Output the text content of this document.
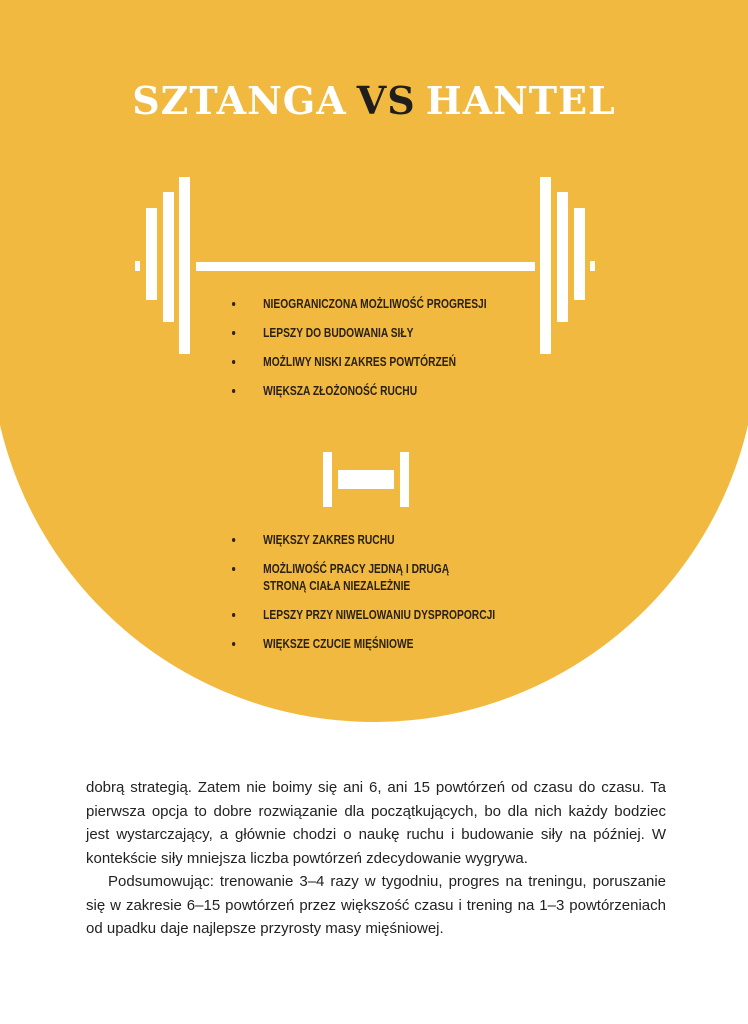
SZTANGA VS HANTEL
NIEOGRANICZONA MOŻLIWOŚĆ PROGRESJI
LEPSZY DO BUDOWANIA SIŁY
MOŻLIWY NISKI ZAKRES POWTÓRZEŃ
WIĘKSZA ZŁOŻONOŚĆ RUCHU
WIĘKSZY ZAKRES RUCHU
MOŻLIWOŚĆ PRACY JEDNĄ I DRUGĄ STRONĄ CIAŁA NIEZALEŻNIE
LEPSZY PRZY NIWELOWANIU DYSPROPORCJI
WIĘKSZE CZUCIE MIĘŚNIOWE

dobrą strategią. Zatem nie boimy się ani 6, ani 15 powtórzeń od czasu do czasu. Ta pierwsza opcja to dobre rozwiązanie dla początkujących, bo dla nich każdy bodziec jest wystarczający, a głównie chodzi o naukę ruchu i budowanie siły na później. W kontekście siły mniejsza liczba powtórzeń zdecydowanie wygrywa.

Podsumowując: trenowanie 3–4 razy w tygodniu, progres na treningu, poruszanie się w zakresie 6–15 powtórzeń przez większość czasu i trening na 1–3 powtórzeniach od upadku daje najlepsze przyrosty masy mięśniowej.
